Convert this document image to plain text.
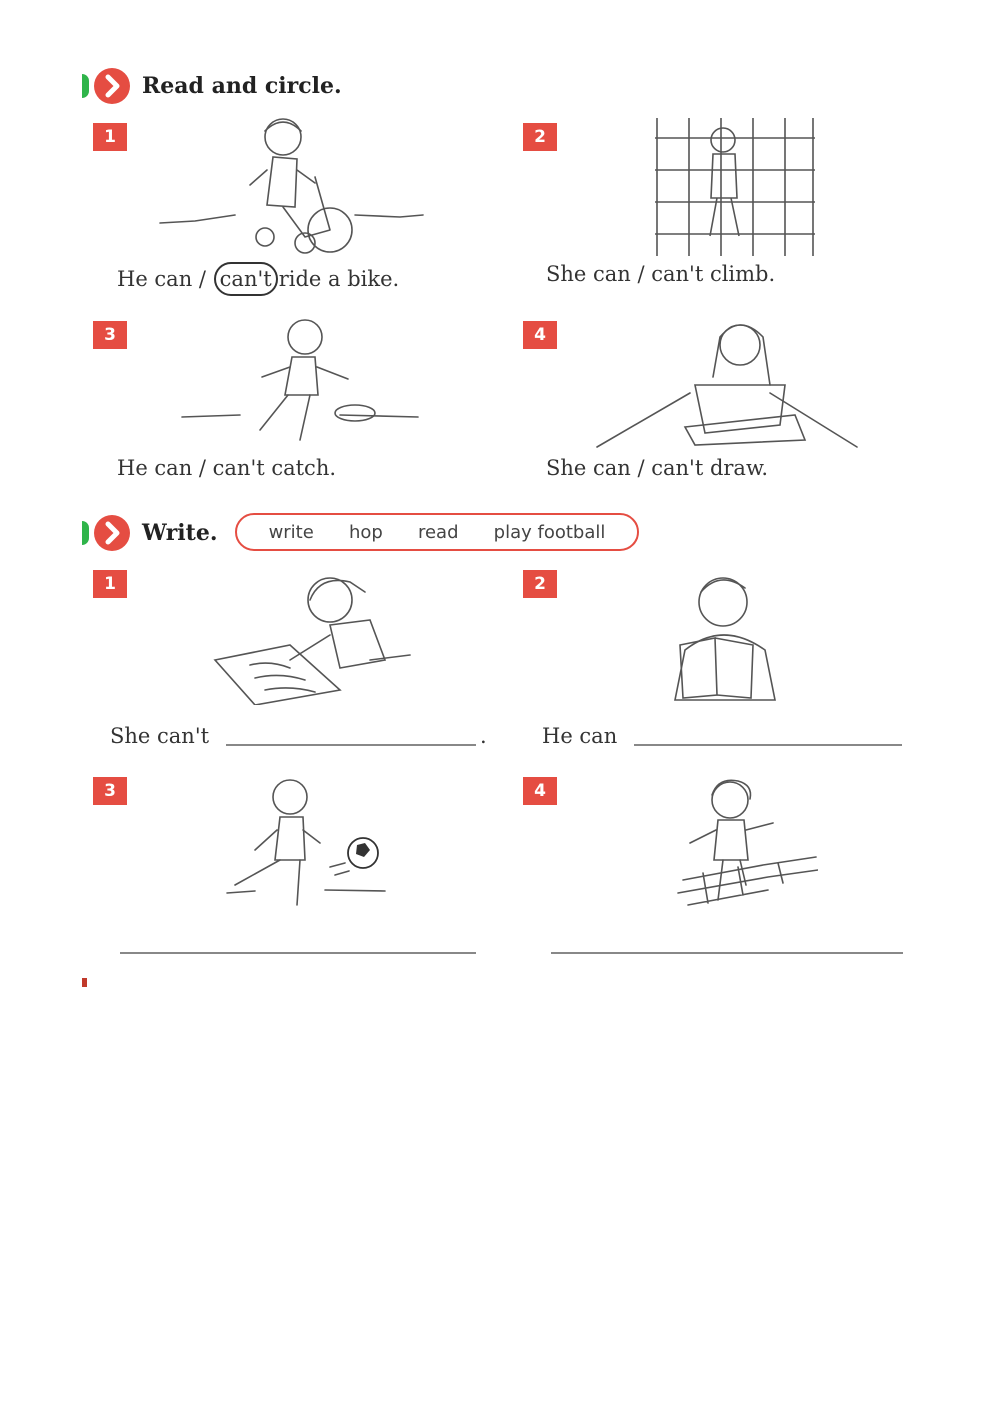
Read and circle.
1
He can / can't ride a bike.
2
She can / can't climb.
3
He can / can't catch.
4
She can / can't draw.
Write.	write hop read play football
1
She can't	.
2
He can
3	4
